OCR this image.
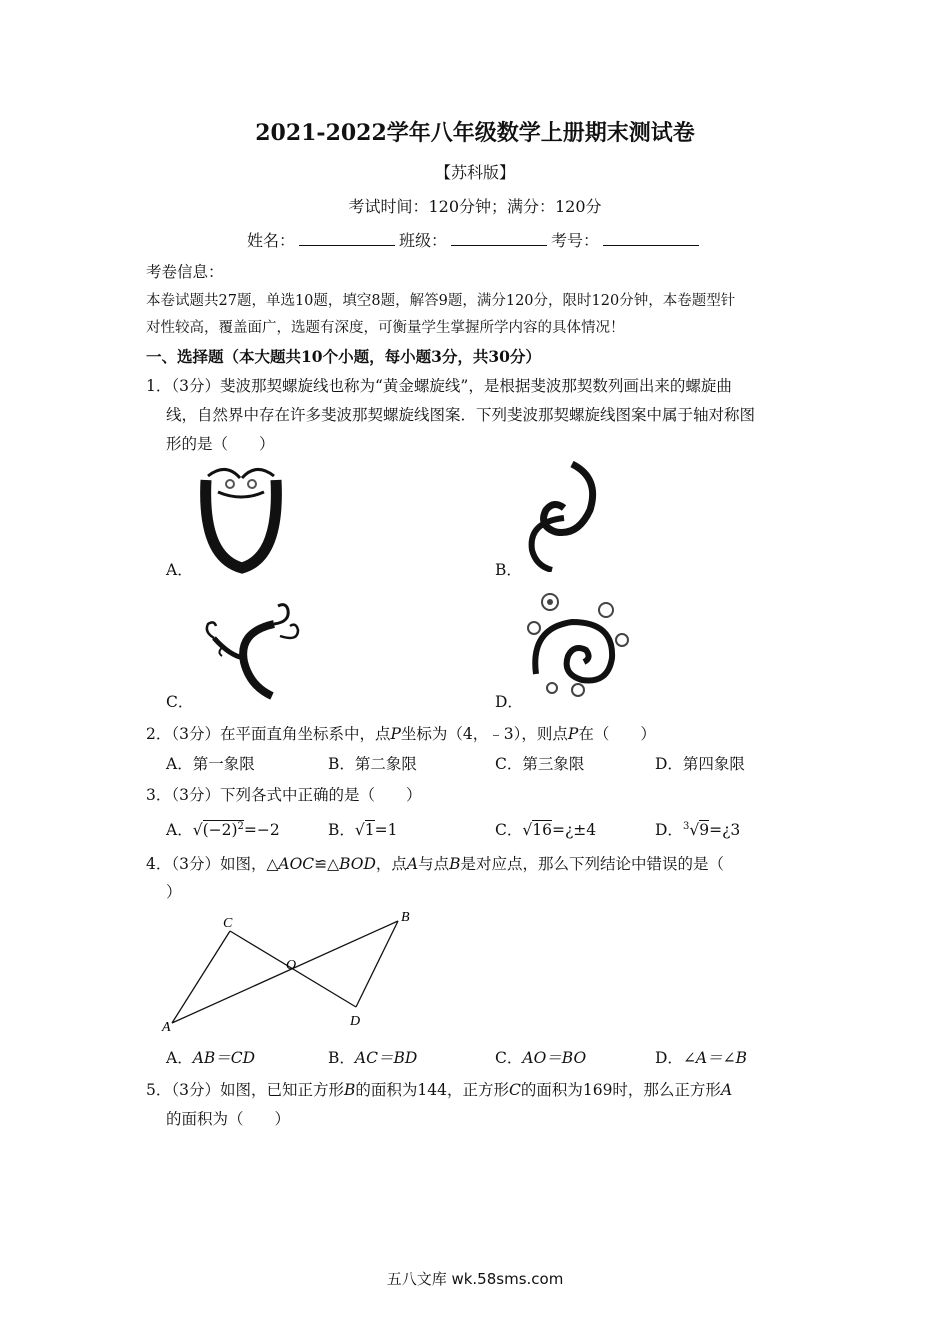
2021-2022学年八年级数学上册期末测试卷
【苏科版】
考试时间：120分钟；满分：120分
姓名：	班级：	考号：
考卷信息：
本卷试题共27题，单选10题，填空8题，解答9题，满分120分，限时120分钟，本卷题型针
对性较高，覆盖面广，选题有深度，可衡量学生掌握所学内容的具体情况！
一、选择题（本大题共10个小题，每小题3分，共30分）
1．（3分）斐波那契螺旋线也称为“黄金螺旋线”，是根据斐波那契数列画出来的螺旋曲
线，自然界中存在许多斐波那契螺旋线图案．下列斐波那契螺旋线图案中属于轴对称图
形的是（　　）
A．	B．
C．	D．
2．（3分）在平面直角坐标系中，点P坐标为（4，﹣3），则点P在（　　）
A．第一象限	B．第二象限	C．第三象限	D．第四象限
3．（3分）下列各式中正确的是（　　）
A．$√(-2)^2=-2$	B．√1=1	C．√16=¿±4	D．$^3$√9=¿3
4．（3分）如图，△AOC≌△BOD，点A与点B是对应点，那么下列结论中错误的是（
）
A
C
O
B
D
A．AB＝CD	B．AC＝BD	C．AO＝BO	D．∠A＝∠B
5．（3分）如图，已知正方形B的面积为144，正方形C的面积为169时，那么正方形A
的面积为（　　）
五八文库 wk.58sms.com
